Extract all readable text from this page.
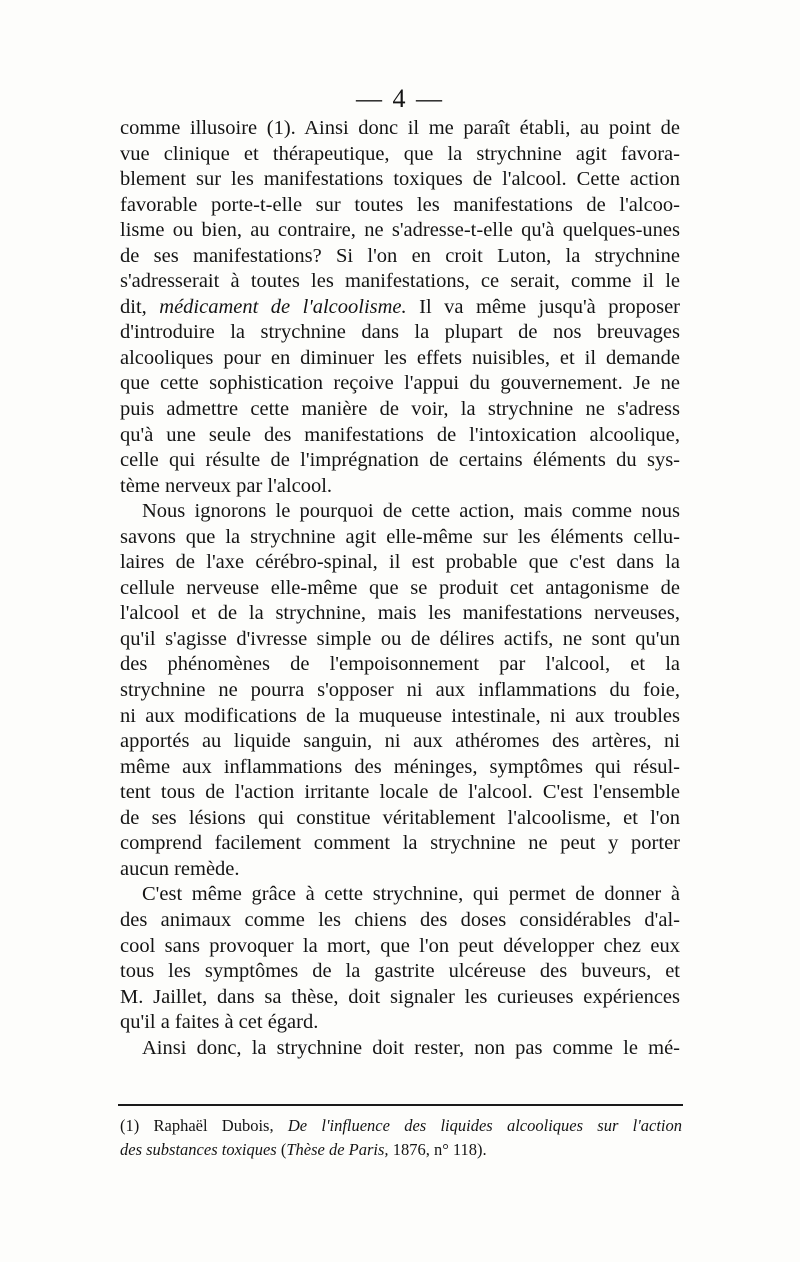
— 4 —
comme illusoire (1). Ainsi donc il me paraît établi, au point de
vue clinique et thérapeutique, que la strychnine agit favora-
blement sur les manifestations toxiques de l'alcool. Cette action
favorable porte-t-elle sur toutes les manifestations de l'alcoo-
lisme ou bien, au contraire, ne s'adresse-t-elle qu'à quelques-unes
de ses manifestations? Si l'on en croit Luton, la strychnine
s'adresserait à toutes les manifestations, ce serait, comme il le
dit, médicament de l'alcoolisme. Il va même jusqu'à proposer
d'introduire la strychnine dans la plupart de nos breuvages
alcooliques pour en diminuer les effets nuisibles, et il demande
que cette sophistication reçoive l'appui du gouvernement. Je ne
puis admettre cette manière de voir, la strychnine ne s'adress
qu'à une seule des manifestations de l'intoxication alcoolique,
celle qui résulte de l'imprégnation de certains éléments du sys-
tème nerveux par l'alcool.
Nous ignorons le pourquoi de cette action, mais comme nous
savons que la strychnine agit elle-même sur les éléments cellu-
laires de l'axe cérébro-spinal, il est probable que c'est dans la
cellule nerveuse elle-même que se produit cet antagonisme de
l'alcool et de la strychnine, mais les manifestations nerveuses,
qu'il s'agisse d'ivresse simple ou de délires actifs, ne sont qu'un
des phénomènes de l'empoisonnement par l'alcool, et la
strychnine ne pourra s'opposer ni aux inflammations du foie,
ni aux modifications de la muqueuse intestinale, ni aux troubles
apportés au liquide sanguin, ni aux athéromes des artères, ni
même aux inflammations des méninges, symptômes qui résul-
tent tous de l'action irritante locale de l'alcool. C'est l'ensemble
de ses lésions qui constitue véritablement l'alcoolisme, et l'on
comprend facilement comment la strychnine ne peut y porter
aucun remède.
C'est même grâce à cette strychnine, qui permet de donner à
des animaux comme les chiens des doses considérables d'al-
cool sans provoquer la mort, que l'on peut développer chez eux
tous les symptômes de la gastrite ulcéreuse des buveurs, et
M. Jaillet, dans sa thèse, doit signaler les curieuses expériences
qu'il a faites à cet égard.
Ainsi donc, la strychnine doit rester, non pas comme le mé-
(1) Raphaël Dubois, De l'influence des liquides alcooliques sur l'action
des substances toxiques (Thèse de Paris, 1876, n° 118).
